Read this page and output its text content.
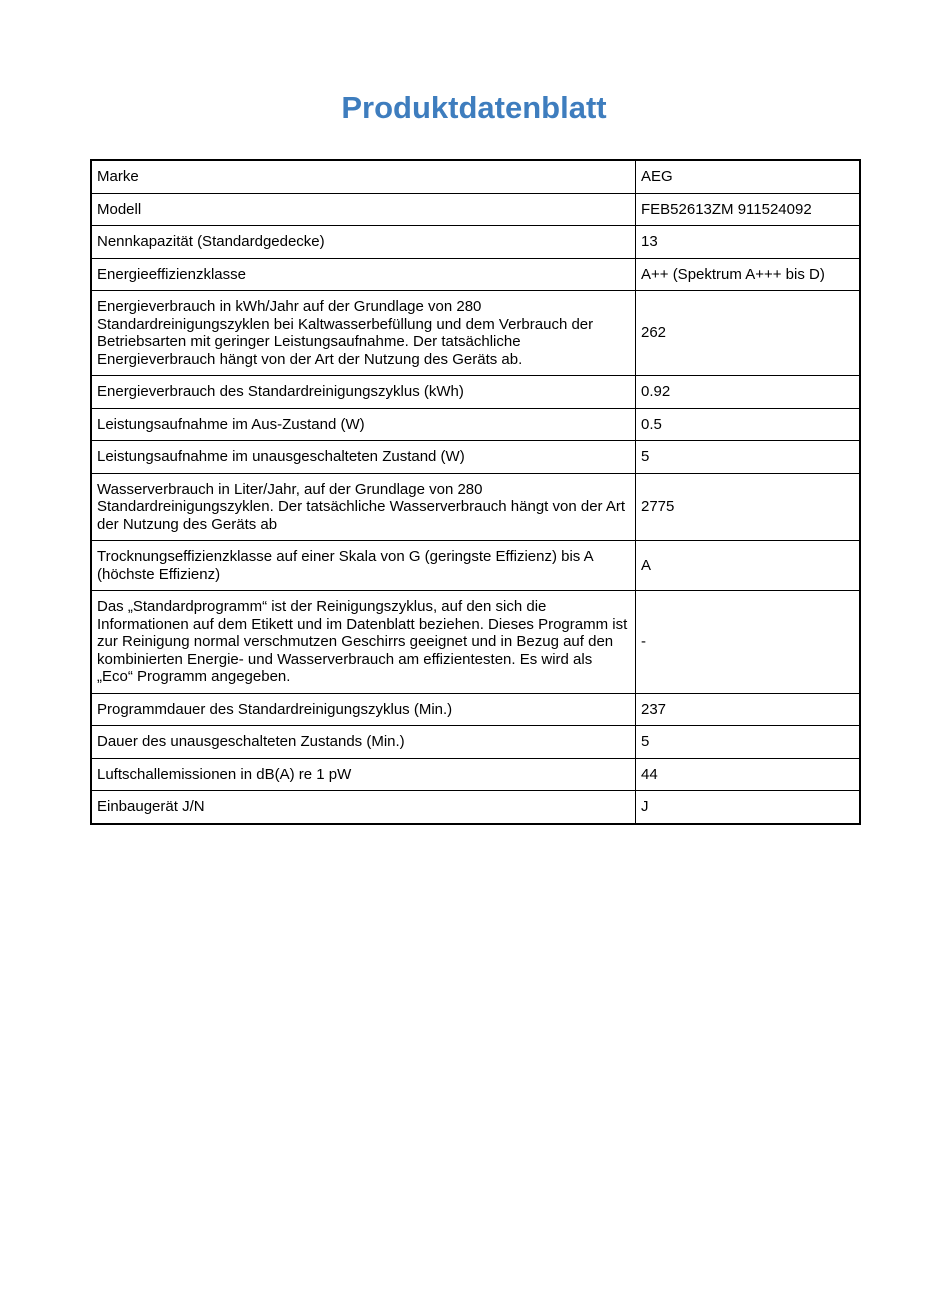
Produktdatenblatt
Marke	AEG
Modell	FEB52613ZM 911524092
Nennkapazität (Standardgedecke)	13
Energieeffizienzklasse	A++ (Spektrum A+++ bis D)
Energieverbrauch in kWh/Jahr auf der Grundlage von 280 Standardreinigungszyklen bei Kaltwasserbefüllung und dem Verbrauch der Betriebsarten mit geringer Leistungsaufnahme. Der tatsächliche Energieverbrauch hängt von der Art der Nutzung des Geräts ab.	262
Energieverbrauch des Standardreinigungszyklus (kWh)	0.92
Leistungsaufnahme im Aus-Zustand (W)	0.5
Leistungsaufnahme im unausgeschalteten Zustand (W)	5
Wasserverbrauch in Liter/Jahr, auf der Grundlage von 280 Standardreinigungszyklen. Der tatsächliche Wasserverbrauch hängt von der Art der Nutzung des Geräts ab	2775
Trocknungseffizienzklasse auf einer Skala von G (geringste Effizienz) bis A (höchste Effizienz)	A
Das „Standardprogramm“ ist der Reinigungszyklus, auf den sich die Informationen auf dem Etikett und im Datenblatt beziehen. Dieses Programm ist zur Reinigung normal verschmutzen Geschirrs geeignet und in Bezug auf den kombinierten Energie- und Wasserverbrauch am effizientesten. Es wird als „Eco“ Programm angegeben.	-
Programmdauer des Standardreinigungszyklus (Min.)	237
Dauer des unausgeschalteten Zustands (Min.)	5
Luftschallemissionen in dB(A) re 1 pW	44
Einbaugerät J/N	J
